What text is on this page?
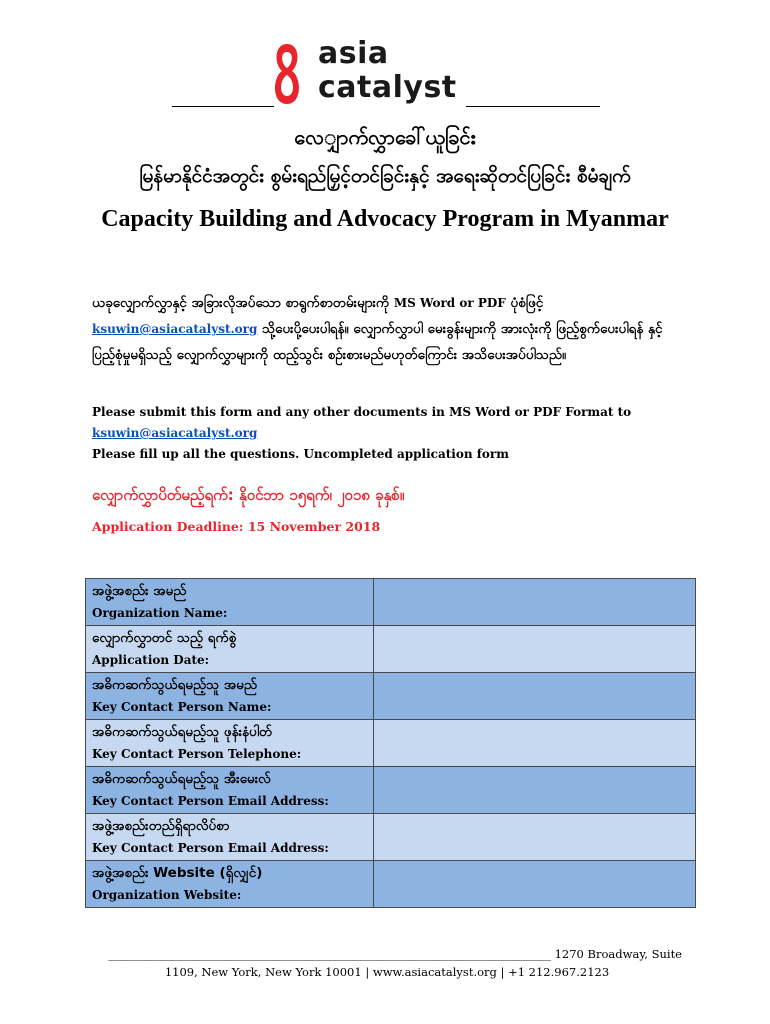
asia
catalyst
လေျှာက်လွှာခေါ်ယူခြင်း
မြန်မာနိုင်ငံအတွင်း စွမ်းရည်မြှင့်တင်ခြင်းနှင့် အရေးဆိုတင်ပြခြင်း စီမံချက်
Capacity Building and Advocacy Program in Myanmar
ယခုလျှောက်လွှာနှင့် အခြားလိုအပ်သော စာရွက်စာတမ်းများကို MS Word or PDF ပုံစံဖြင့်
ksuwin@asiacatalyst.org သို့ပေးပို့ပေးပါရန်။ လျှောက်လွှာပါ မေးခွန်းများကို အားလုံးကို ဖြည့်စွက်ပေးပါရန် နှင့် ပြည့်စုံမှုမရှိသည့် လျှောက်လွှာများကို ထည့်သွင်း စဉ်းစားမည်မဟုတ်ကြောင်း အသိပေးအပ်ပါသည်။
Please submit this form and any other documents in MS Word or PDF Format to
ksuwin@asiacatalyst.org
Please fill up all the questions. Uncompleted application form
လျှောက်လွှာပိတ်မည့်ရက်: နိုဝင်ဘာ ၁၅ရက်၊ ၂၀၁၈ ခုနှစ်။
Application Deadline: 15 November 2018
အဖွဲ့အစည်း အမည်
Organization Name:	

လျှောက်လွှာတင် သည့် ရက်စွဲ
Application Date:	

အဓိကဆက်သွယ်ရမည့်သူ အမည်
Key Contact Person Name:	

အဓိကဆက်သွယ်ရမည့်သူ ဖုန်းနံပါတ်
Key Contact Person Telephone:	

အဓိကဆက်သွယ်ရမည့်သူ အီးမေးလ်
Key Contact Person Email Address:	

အဖွဲ့အစည်းတည်ရှိရာလိပ်စာ
Key Contact Person Email Address:	

အဖွဲ့အစည်း Website (ရှိလျှင်)
Organization Website:	

_____________________________________________________________________________ 1270 Broadway, Suite
1109, New York, New York 10001 | www.asiacatalyst.org | +1 212.967.2123
